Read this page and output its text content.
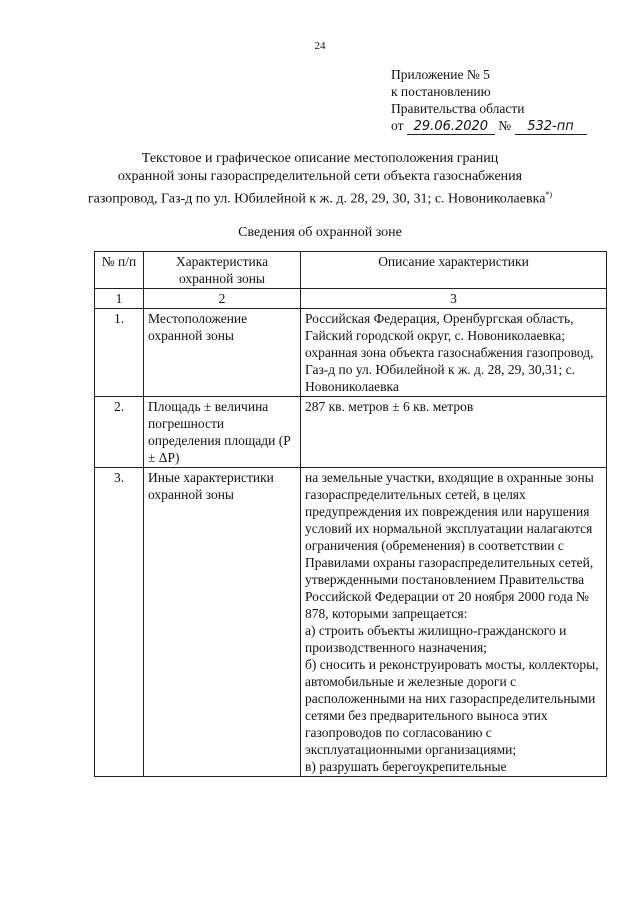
24
Приложение № 5
к постановлению
Правительства области
от 29.06.2020 № 532-пп
Текстовое и графическое описание местоположения границ
охранной зоны газораспределительной сети объекта газоснабжения
газопровод, Газ-д по ул. Юбилейной к ж. д. 28, 29, 30, 31; с. Новониколаевка*)
Сведения об охранной зоне
№ п/п	Характеристика охранной зоны	Описание характеристики
1	2	3
1.	Местоположение охранной зоны	Российская Федерация, Оренбургская область, Гайский городской округ, с. Новониколаевка; охранная зона объекта газоснабжения газопровод, Газ-д по ул. Юбилейной к ж. д. 28, 29, 30,31; с. Новониколаевка
2.	Площадь ± величина погрешности определения площади (P ± ΔP)	287 кв. метров ± 6 кв. метров
3.	Иные характеристики охранной зоны	на земельные участки, входящие в охранные зоны газораспределительных сетей, в целях предупреждения их повреждения или нарушения условий их нормальной эксплуатации налагаются ограничения (обременения) в соответствии с Правилами охраны газораспределительных сетей, утвержденными постановлением Правительства Российской Федерации от 20 ноября 2000 года № 878, которыми запрещается:
а) строить объекты жилищно-гражданского и производственного назначения;
б) сносить и реконструировать мосты, коллекторы, автомобильные и железные дороги с расположенными на них газораспределительными сетями без предварительного выноса этих газопроводов по согласованию с эксплуатационными организациями;
в) разрушать берегоукрепительные
